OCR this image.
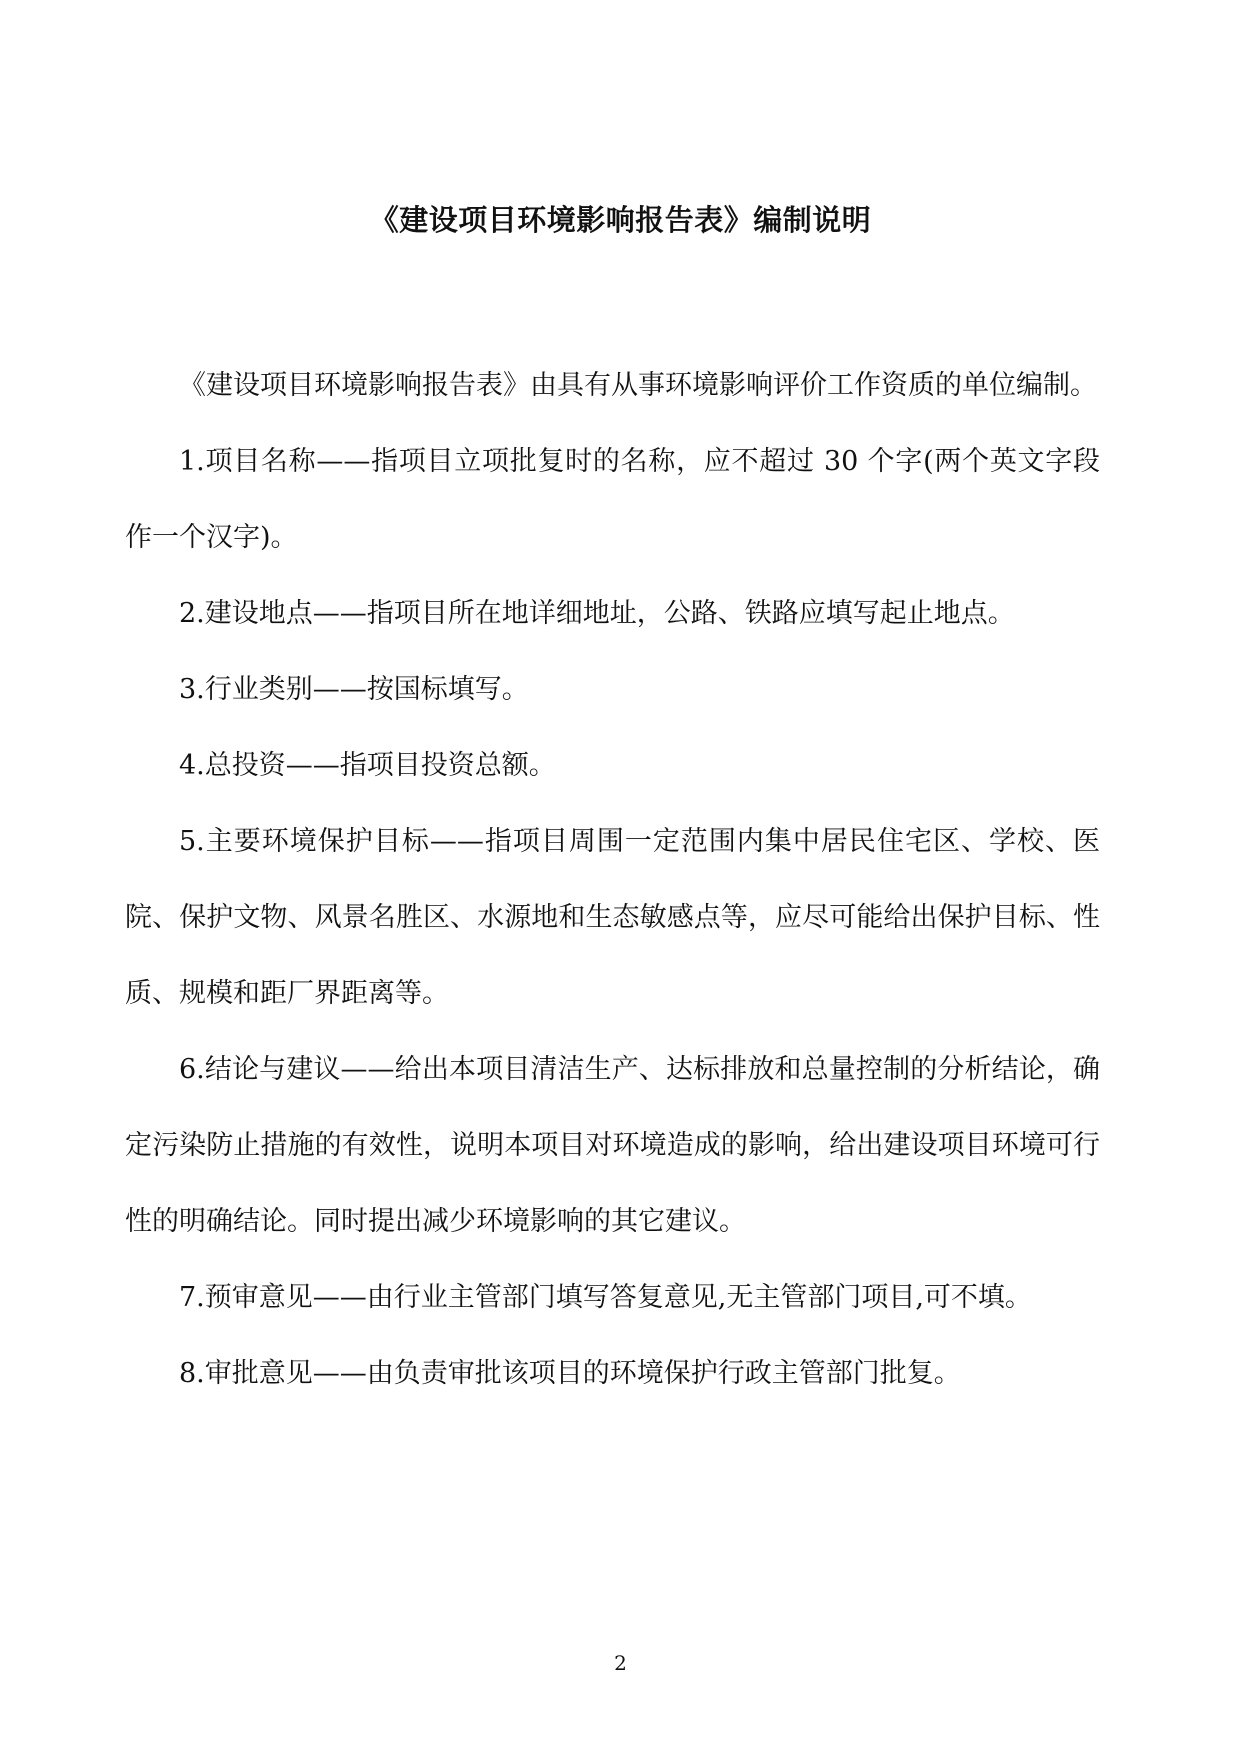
《建设项目环境影响报告表》编制说明

《建设项目环境影响报告表》由具有从事环境影响评价工作资质的单位编制。

1.项目名称——指项目立项批复时的名称，应不超过 30 个字(两个英文字段作一个汉字)。

2.建设地点——指项目所在地详细地址，公路、铁路应填写起止地点。

3.行业类别——按国标填写。

4.总投资——指项目投资总额。

5.主要环境保护目标——指项目周围一定范围内集中居民住宅区、学校、医院、保护文物、风景名胜区、水源地和生态敏感点等，应尽可能给出保护目标、性质、规模和距厂界距离等。

6.结论与建议——给出本项目清洁生产、达标排放和总量控制的分析结论，确定污染防止措施的有效性，说明本项目对环境造成的影响，给出建设项目环境可行性的明确结论。同时提出减少环境影响的其它建议。

7.预审意见——由行业主管部门填写答复意见,无主管部门项目,可不填。

8.审批意见——由负责审批该项目的环境保护行政主管部门批复。

2
